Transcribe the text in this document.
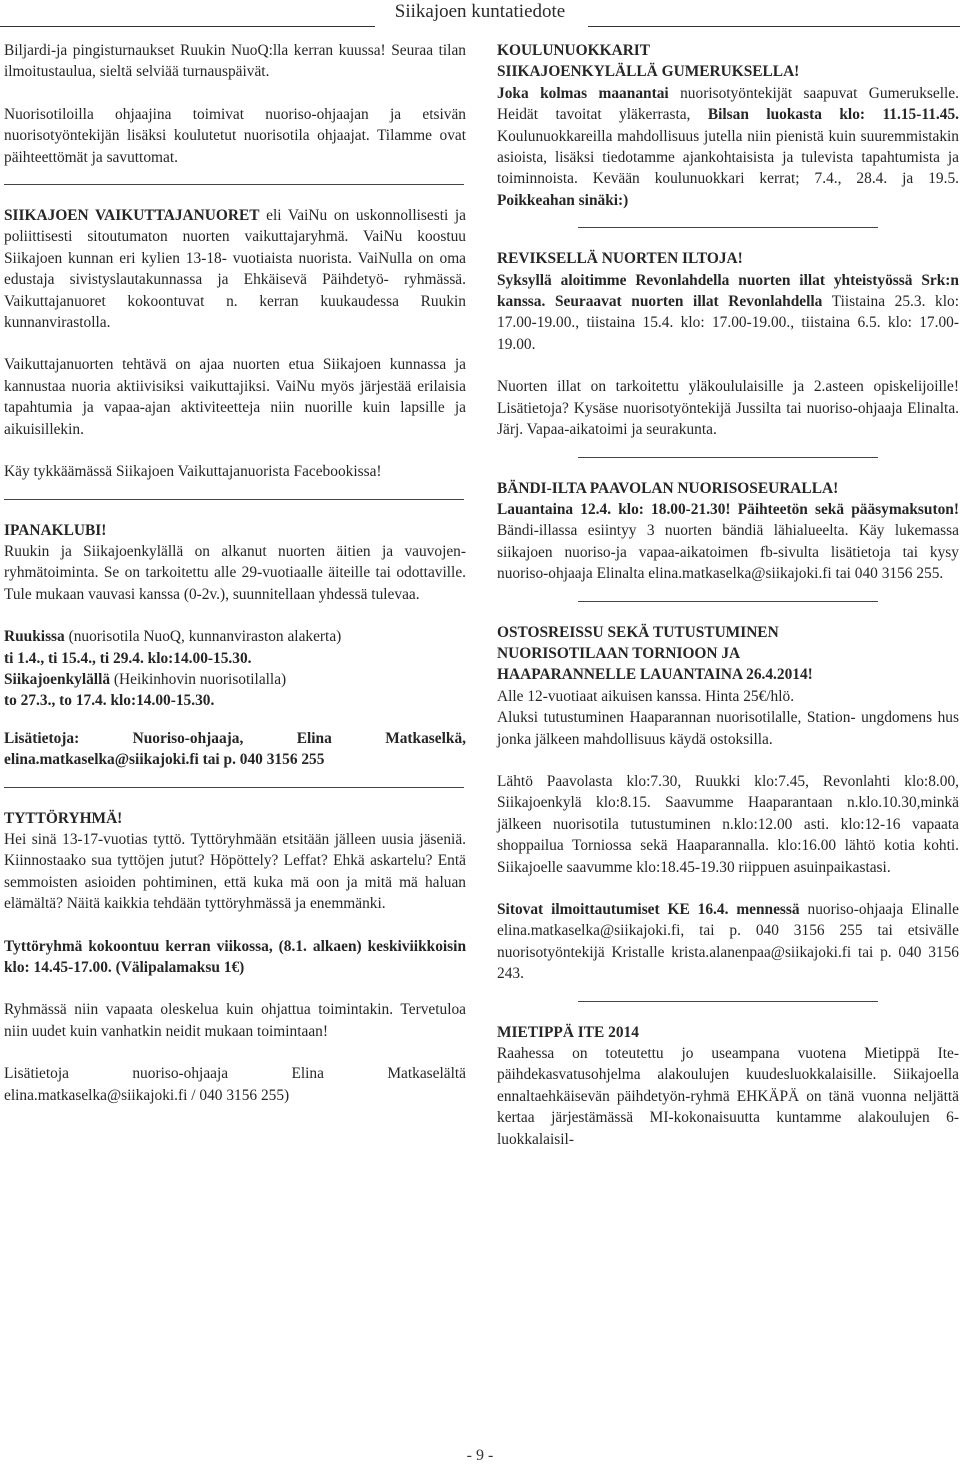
Siikajoen kuntatiedote

Biljardi-ja pingisturnaukset Ruukin NuoQ:lla kerran kuussa! Seuraa tilan ilmoitustaulua, sieltä selviää turnauspäivät.

Nuorisotiloilla ohjaajina toimivat nuoriso-ohjaajan ja etsivän nuorisotyöntekijän lisäksi koulutetut nuorisotila ohjaajat. Tilamme ovat päihteettömät ja savuttomat.

SIIKAJOEN VAIKUTTAJANUORET eli VaiNu on uskonnollisesti ja poliittisesti sitoutumaton nuorten vaikuttajaryhmä. VaiNu koostuu Siikajoen kunnan eri kylien 13-18- vuotiaista nuorista. VaiNulla on oma edustaja sivistyslautakunnassa ja Ehkäisevä Päihdetyö- ryhmässä. Vaikuttajanuoret kokoontuvat n. kerran kuukaudessa Ruukin kunnanvirastolla.

Vaikuttajanuorten tehtävä on ajaa nuorten etua Siikajoen kunnassa ja kannustaa nuoria aktiivisiksi vaikuttajiksi. VaiNu myös järjestää erilaisia tapahtumia ja vapaa-ajan aktiviteetteja niin nuorille kuin lapsille ja aikuisillekin.

Käy tykkäämässä Siikajoen Vaikuttajanuorista Facebookissa!

IPANAKLUBI!

Ruukin ja Siikajoenkylällä on alkanut nuorten äitien ja vauvojen-ryhmätoiminta. Se on tarkoitettu alle 29-vuotiaalle äiteille tai odottaville. Tule mukaan vauvasi kanssa (0-2v.), suunnitellaan yhdessä tulevaa.

Ruukissa (nuorisotila NuoQ, kunnanviraston alakerta)
ti 1.4., ti 15.4., ti 29.4. klo:14.00-15.30.
Siikajoenkylällä (Heikinhovin nuorisotilalla)
to 27.3., to 17.4. klo:14.00-15.30.

Lisätietoja: Nuoriso-ohjaaja, Elina Matkaselkä, elina.matkaselka@siikajoki.fi tai p. 040 3156 255

TYTTÖRYHMÄ!

Hei sinä 13-17-vuotias tyttö. Tyttöryhmään etsitään jälleen uusia jäseniä. Kiinnostaako sua tyttöjen jutut? Höpöttely? Leffat? Ehkä askartelu? Entä semmoisten asioiden pohtiminen, että kuka mä oon ja mitä mä haluan elämältä? Näitä kaikkia tehdään tyttöryhmässä ja enemmänki.

Tyttöryhmä kokoontuu kerran viikossa, (8.1. alkaen) keskiviikkoisin klo: 14.45-17.00. (Välipalamaksu 1€)

Ryhmässä niin vapaata oleskelua kuin ohjattua toimintakin. Tervetuloa niin uudet kuin vanhatkin neidit mukaan toimintaan!

Lisätietoja nuoriso-ohjaaja Elina Matkaselältä elina.matkaselka@siikajoki.fi / 040 3156 255)

KOULUNUOKKARIT
SIIKAJOENKYLÄLLÄ GUMERUKSELLA!

Joka kolmas maanantai nuorisotyöntekijät saapuvat Gumerukselle. Heidät tavoitat yläkerrasta, Bilsan luokasta klo: 11.15-11.45. Koulunuokkareilla mahdollisuus jutella niin pienistä kuin suuremmistakin asioista, lisäksi tiedotamme ajankohtaisista ja tulevista tapahtumista ja toiminnoista. Kevään koulunuokkari kerrat; 7.4., 28.4. ja 19.5. Poikkeahan sinäki:)

REVIKSELLÄ NUORTEN ILTOJA!

Syksyllä aloitimme Revonlahdella nuorten illat yhteistyössä Srk:n kanssa. Seuraavat nuorten illat Revonlahdella Tiistaina 25.3. klo: 17.00-19.00., tiistaina 15.4. klo: 17.00-19.00., tiistaina 6.5. klo: 17.00-19.00.

Nuorten illat on tarkoitettu yläkoululaisille ja 2.asteen opiskelijoille! Lisätietoja? Kysäse nuorisotyöntekijä Jussilta tai nuoriso-ohjaaja Elinalta. Järj. Vapaa-aikatoimi ja seurakunta.

BÄNDI-ILTA PAAVOLAN NUORISOSEURALLA!

Lauantaina 12.4. klo: 18.00-21.30! Päihteetön sekä pääsymaksuton! Bändi-illassa esiintyy 3 nuorten bändiä lähialueelta. Käy lukemassa siikajoen nuoriso-ja vapaa-aikatoimen fb-sivulta lisätietoja tai kysy nuoriso-ohjaaja Elinalta elina.matkaselka@siikajoki.fi tai 040 3156 255.

OSTOSREISSU SEKÄ TUTUSTUMINEN
NUORISOTILAAN TORNIOON JA
HAAPARANNELLE LAUANTAINA 26.4.2014!

Alle 12-vuotiaat aikuisen kanssa. Hinta 25€/hlö.

Aluksi tutustuminen Haaparannan nuorisotilalle, Station- ungdomens hus jonka jälkeen mahdollisuus käydä ostoksilla.

Lähtö Paavolasta klo:7.30, Ruukki klo:7.45, Revonlahti klo:8.00, Siikajoenkylä klo:8.15. Saavumme Haaparantaan n.klo.10.30,minkä jälkeen nuorisotila tutustuminen n.klo:12.00 asti. klo:12-16 vapaata shoppailua Torniossa sekä Haaparannalla. klo:16.00 lähtö kotia kohti. Siikajoelle saavumme klo:18.45-19.30 riippuen asuinpaikastasi.

Sitovat ilmoittautumiset KE 16.4. mennessä nuoriso-ohjaaja Elinalle elina.matkaselka@siikajoki.fi, tai p. 040 3156 255 tai etsivälle nuorisotyöntekijä Kristalle krista.alanenpaa@siikajoki.fi tai p. 040 3156 243.

MIETIPPÄ ITE 2014

Raahessa on toteutettu jo useampana vuotena Mietippä Ite- päihdekasvatusohjelma alakoulujen kuudesluokkalaisille. Siikajoella ennaltaehkäisevän päihdetyön-ryhmä EHKÄPÄ on tänä vuonna neljättä kertaa järjestämässä MI-kokonaisuutta kuntamme alakoulujen 6-luokkalaisil-

- 9 -
